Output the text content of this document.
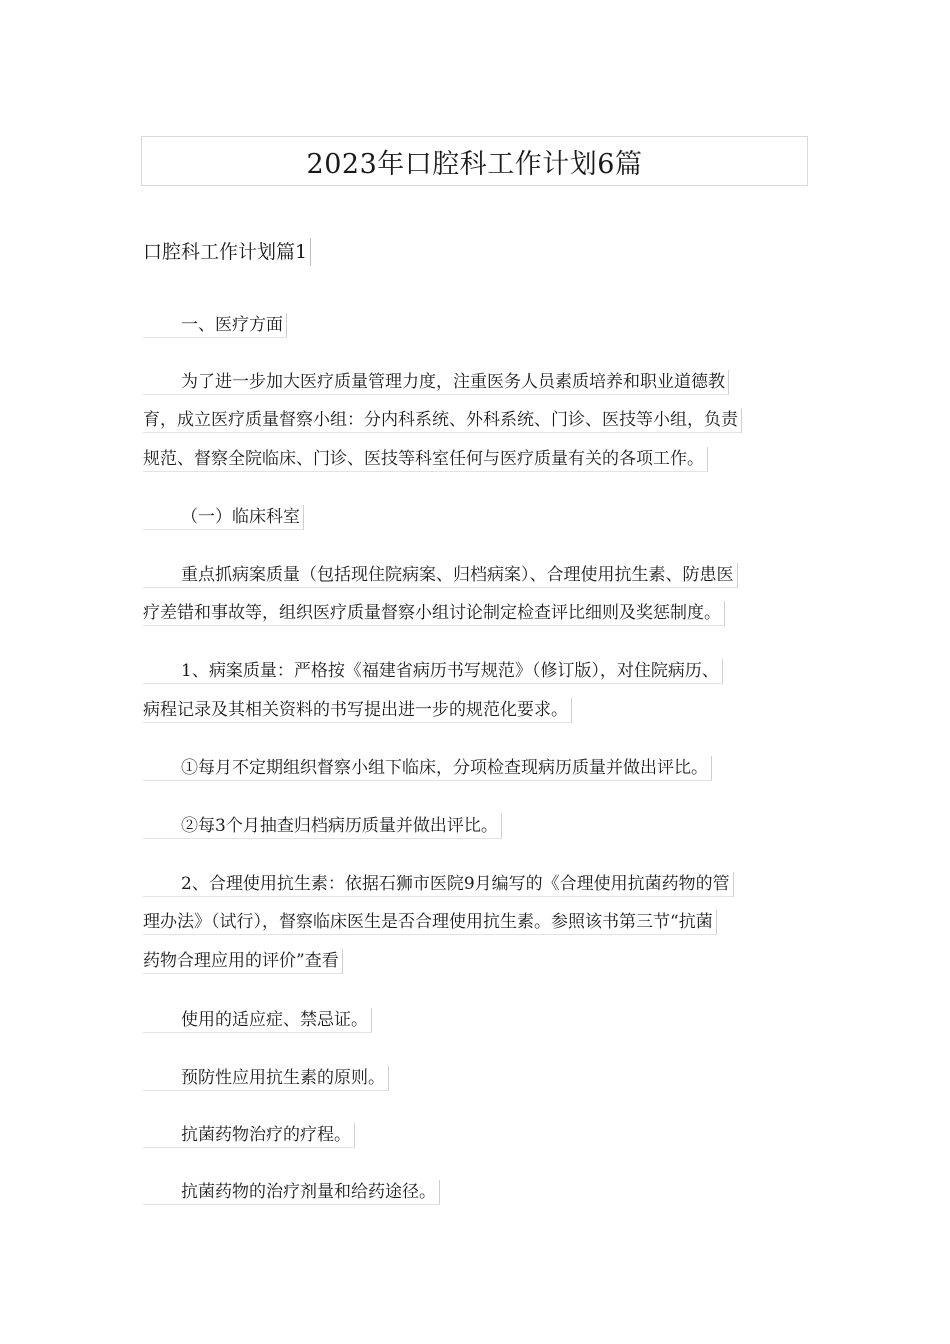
2023年口腔科工作计划6篇
口腔科工作计划篇1
一、医疗方面
为了进一步加大医疗质量管理力度，注重医务人员素质培养和职业道德教
育，成立医疗质量督察小组：分内科系统、外科系统、门诊、医技等小组，负责
规范、督察全院临床、门诊、医技等科室任何与医疗质量有关的各项工作。
（一）临床科室
重点抓病案质量（包括现住院病案、归档病案）、合理使用抗生素、防患医
疗差错和事故等，组织医疗质量督察小组讨论制定检查评比细则及奖惩制度。
1、病案质量：严格按《福建省病历书写规范》（修订版），对住院病历、
病程记录及其相关资料的书写提出进一步的规范化要求。
①每月不定期组织督察小组下临床，分项检查现病历质量并做出评比。
②每3个月抽查归档病历质量并做出评比。
2、合理使用抗生素：依据石狮市医院9月编写的《合理使用抗菌药物的管
理办法》（试行），督察临床医生是否合理使用抗生素。参照该书第三节“抗菌
药物合理应用的评价”查看
使用的适应症、禁忌证。
预防性应用抗生素的原则。
抗菌药物治疗的疗程。
抗菌药物的治疗剂量和给药途径。
